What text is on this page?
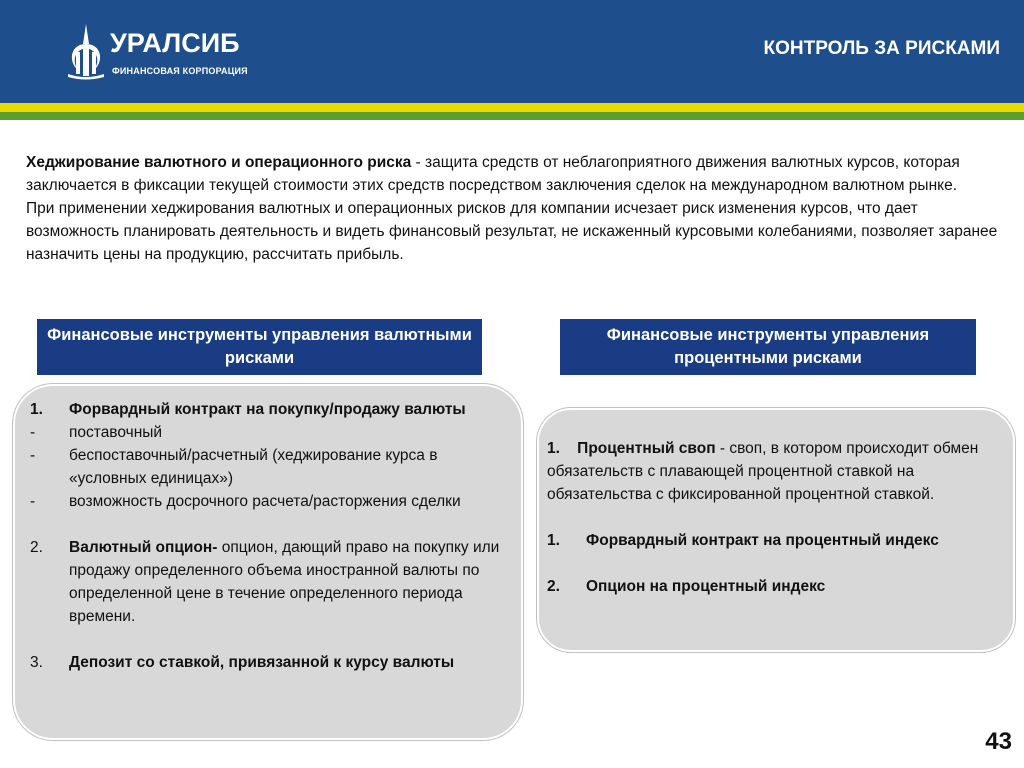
УРАЛСИБ
ФИНАНСОВАЯ КОРПОРАЦИЯ
КОНТРОЛЬ ЗА РИСКАМИ
Хеджирование валютного и операционного риска - защита средств от неблагоприятного движения валютных курсов, которая заключается в фиксации текущей стоимости этих средств посредством заключения сделок на международном валютном рынке.
При применении хеджирования валютных и операционных рисков для компании исчезает риск изменения курсов, что дает возможность планировать деятельность и видеть финансовый результат, не искаженный курсовыми колебаниями, позволяет заранее назначить цены на продукцию, рассчитать прибыль.
Финансовые инструменты управления валютными рисками
Финансовые инструменты управления процентными рисками
1. Форвардный контракт на покупку/продажу валюты
- поставочный
- беспоставочный/расчетный (хеджирование курса в «условных единицах»)
- возможность досрочного расчета/расторжения сделки
2. Валютный опцион- опцион, дающий право на покупку или продажу определенного объема иностранной валюты по определенной цене в течение определенного периода времени.
3. Депозит со ставкой, привязанной к курсу валюты
1. Процентный своп - своп, в котором происходит обмен обязательств с плавающей процентной ставкой на обязательства с фиксированной процентной ставкой.
1. Форвардный контракт на процентный индекс
2. Опцион на процентный индекс
43
